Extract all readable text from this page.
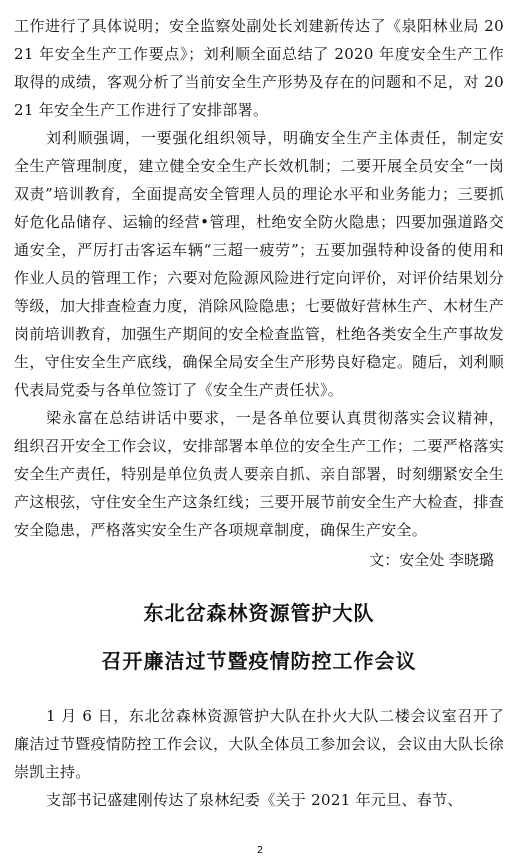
工作进行了具体说明；安全监察处副处长刘建新传达了《泉阳林业局 2021 年安全生产工作要点》；刘利顺全面总结了 2020 年度安全生产工作取得的成绩，客观分析了当前安全生产形势及存在的问题和不足，对 2021 年安全生产工作进行了安排部署。

刘利顺强调，一要强化组织领导，明确安全生产主体责任，制定安全生产管理制度，建立健全安全生产长效机制；二要开展全员安全“一岗双责”培训教育，全面提高安全管理人员的理论水平和业务能力；三要抓好危化品储存、运输的经营•管理，杜绝安全防火隐患；四要加强道路交通安全，严厉打击客运车辆“三超一疲劳”；五要加强特种设备的使用和作业人员的管理工作；六要对危险源风险进行定向评价，对评价结果划分等级，加大排查检查力度，消除风险隐患；七要做好营林生产、木材生产岗前培训教育，加强生产期间的安全检查监管，杜绝各类安全生产事故发生，守住安全生产底线，确保全局安全生产形势良好稳定。随后，刘利顺代表局党委与各单位签订了《安全生产责任状》。

梁永富在总结讲话中要求，一是各单位要认真贯彻落实会议精神，组织召开安全工作会议，安排部署本单位的安全生产工作；二要严格落实安全生产责任，特别是单位负责人要亲自抓、亲自部署，时刻绷紧安全生产这根弦，守住安全生产这条红线；三要开展节前安全生产大检查，排查安全隐患，严格落实安全生产各项规章制度，确保生产安全。

文：安全处 李晓璐

东北岔森林资源管护大队
召开廉洁过节暨疫情防控工作会议

1 月 6 日，东北岔森林资源管护大队在扑火大队二楼会议室召开了廉洁过节暨疫情防控工作会议，大队全体员工参加会议，会议由大队长徐崇凯主持。

支部书记盛建刚传达了泉林纪委《关于 2021 年元旦、春节、

2
